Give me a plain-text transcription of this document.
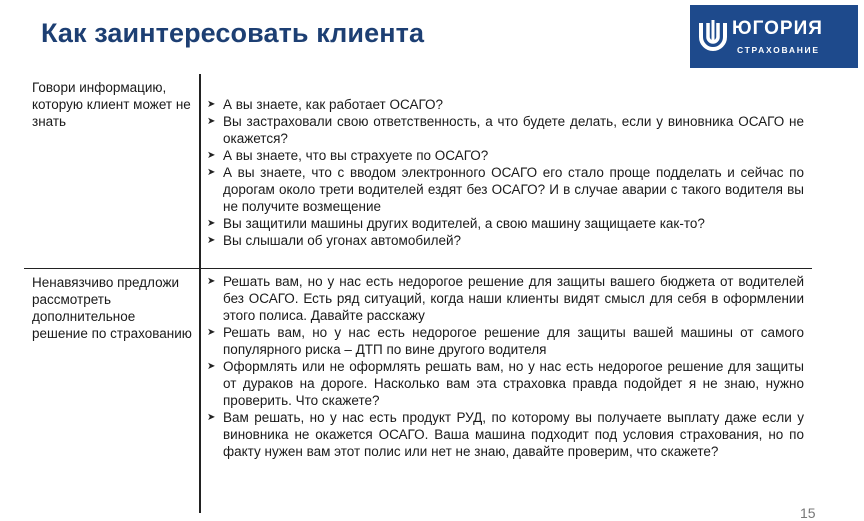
Как заинтересовать клиента	ЮГОРИЯ
СТРАХОВАНИЕ
Говори информацию, которую клиент может не знать
➤ А вы знаете, как работает ОСАГО?
➤ Вы застраховали свою ответственность, а что будете делать, если у виновника ОСАГО не окажется?
➤ А вы знаете, что вы страхуете по ОСАГО?
➤ А вы знаете, что с вводом электронного ОСАГО его стало проще подделать и сейчас по дорогам около трети водителей ездят без ОСАГО? И в случае аварии с такого водителя вы не получите возмещение
➤ Вы защитили машины других водителей, а свою машину защищаете как-то?
➤ Вы слышали об угонах автомобилей?
Ненавязчиво предложи рассмотреть дополнительное решение по страхованию
➤ Решать вам, но у нас есть недорогое решение для защиты вашего бюджета от водителей без ОСАГО. Есть ряд ситуаций, когда наши клиенты видят смысл для себя в оформлении этого полиса. Давайте расскажу
➤ Решать вам, но у нас есть недорогое решение для защиты вашей машины от самого популярного риска – ДТП по вине другого водителя
➤ Оформлять или не оформлять решать вам, но у нас есть недорогое решение для защиты от дураков на дороге. Насколько вам эта страховка правда подойдет я не знаю, нужно проверить. Что скажете?
➤ Вам решать, но у нас есть продукт РУД, по которому вы получаете выплату даже если у виновника не окажется ОСАГО. Ваша машина подходит под условия страхования, но по факту нужен вам этот полис или нет не знаю, давайте проверим, что скажете?
15
